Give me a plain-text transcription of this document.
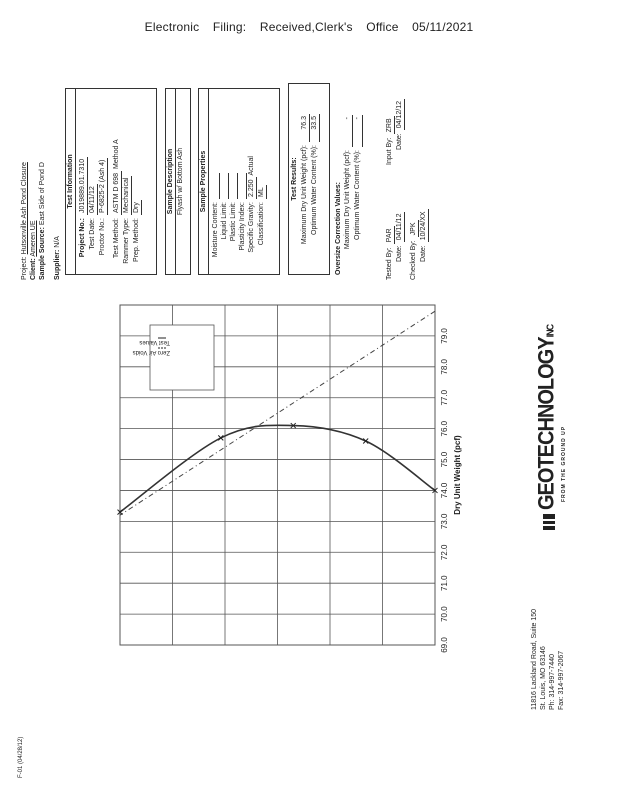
Electronic Filing: Received,Clerk's Office 05/11/2021
11816 Lackland Road, Suite 150 St. Louis, MO 63146 Ph: 314-997-7440 Fax: 314-997-2067
GEOTECHNOLOGYINC
FROM THE GROUND UP
79.0
78.0
77.0
76.0
75.0
74.0
73.0
72.0
71.0
70.0
69.0
Dry Unit Weight (pcf)
Test Values
Zero Air Voids
Project: Hutsonville Ash Pond Closure
Client: Ameren UE Sample Source: East Side of Pond D
Supplier: N/A
Test Information
Project No.:
J019889.01.7310
Test Date:
04/11/12
Proctor No.:
P-6825-2 (Ash 4)
Test Method:
ASTM D 698

Method A
Rammer Type:
Mechanical
Prep. Method:
Dry	Sample Description Flyash w/ Bottom Ash Sample Properties
Moisture Content: Liquid Limit: Plastic Limit: Plasticity Index: Specific Gravity:
2.250

Actual
Classification:
ML	Test Results: Maximum Dry Unit Weight (pcf):
76.3
Optimum Water Content (%):
33.5
Oversize Correction Values: Maximum Dry Unit Weight (pcf):
-
Optimum Water Content (%):
-
Tested By:
PAR
Input By:
ZRB
Date:
04/11/12
Date:
04/12/12
Checked By:
JPK
Date:
10/24/XX
F-01 (04/28/12)
